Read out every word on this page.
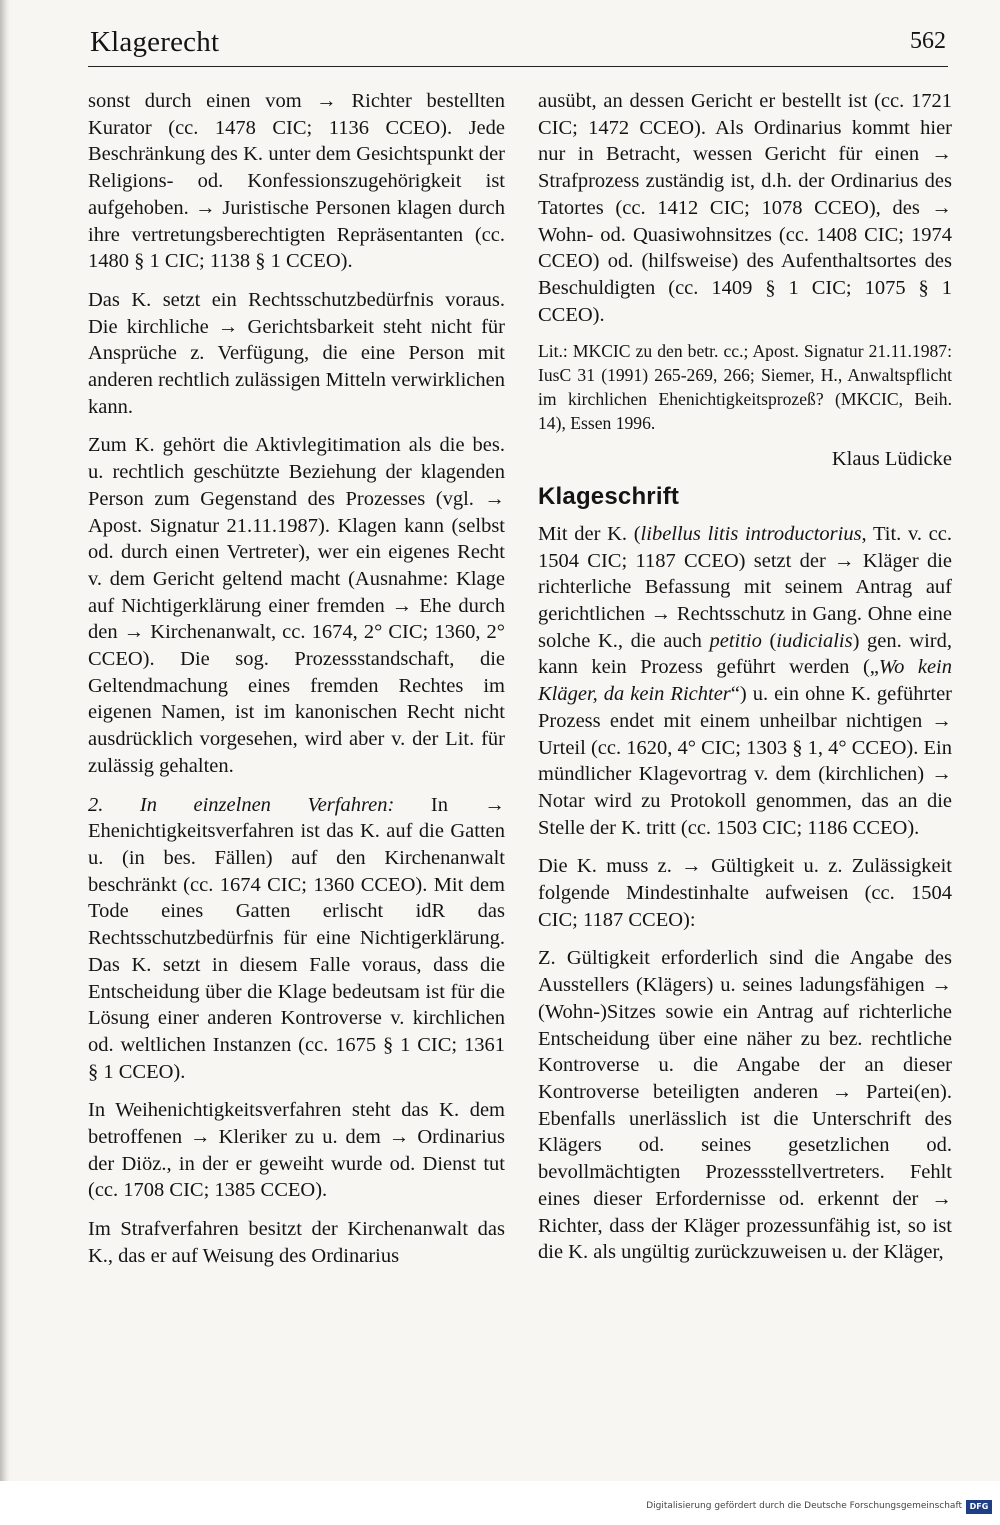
Klagerecht	562

sonst durch einen vom → Richter bestellten Kurator (cc. 1478 CIC; 1136 CCEO). Jede Beschränkung des K. unter dem Gesichtspunkt der Religions- od. Konfessionszugehörigkeit ist aufgehoben. → Juristische Personen klagen durch ihre vertretungsberechtigten Repräsentanten (cc. 1480 § 1 CIC; 1138 § 1 CCEO).

Das K. setzt ein Rechtsschutzbedürfnis voraus. Die kirchliche → Gerichtsbarkeit steht nicht für Ansprüche z. Verfügung, die eine Person mit anderen rechtlich zulässigen Mitteln verwirklichen kann.

Zum K. gehört die Aktivlegitimation als die bes. u. rechtlich geschützte Beziehung der klagenden Person zum Gegenstand des Prozesses (vgl. → Apost. Signatur 21.11.1987). Klagen kann (selbst od. durch einen Vertreter), wer ein eigenes Recht v. dem Gericht geltend macht (Ausnahme: Klage auf Nichtigerklärung einer fremden → Ehe durch den → Kirchenanwalt, cc. 1674, 2° CIC; 1360, 2° CCEO). Die sog. Prozessstandschaft, die Geltendmachung eines fremden Rechtes im eigenen Namen, ist im kanonischen Recht nicht ausdrücklich vorgesehen, wird aber v. der Lit. für zulässig gehalten.

2. In einzelnen Verfahren: In → Ehenichtigkeitsverfahren ist das K. auf die Gatten u. (in bes. Fällen) auf den Kirchenanwalt beschränkt (cc. 1674 CIC; 1360 CCEO). Mit dem Tode eines Gatten erlischt idR das Rechtsschutzbedürfnis für eine Nichtigerklärung. Das K. setzt in diesem Falle voraus, dass die Entscheidung über die Klage bedeutsam ist für die Lösung einer anderen Kontroverse v. kirchlichen od. weltlichen Instanzen (cc. 1675 § 1 CIC; 1361 § 1 CCEO).

In Weihenichtigkeitsverfahren steht das K. dem betroffenen → Kleriker zu u. dem → Ordinarius der Diöz., in der er geweiht wurde od. Dienst tut (cc. 1708 CIC; 1385 CCEO).

Im Strafverfahren besitzt der Kirchenanwalt das K., das er auf Weisung des Ordinarius

ausübt, an dessen Gericht er bestellt ist (cc. 1721 CIC; 1472 CCEO). Als Ordinarius kommt hier nur in Betracht, wessen Gericht für einen → Strafprozess zuständig ist, d.h. der Ordinarius des Tatortes (cc. 1412 CIC; 1078 CCEO), des → Wohn- od. Quasiwohnsitzes (cc. 1408 CIC; 1974 CCEO) od. (hilfsweise) des Aufenthaltsortes des Beschuldigten (cc. 1409 § 1 CIC; 1075 § 1 CCEO).

Lit.: MKCIC zu den betr. cc.; Apost. Signatur 21.11.1987: IusC 31 (1991) 265-269, 266; Siemer, H., Anwaltspflicht im kirchlichen Ehenichtigkeitsprozeß? (MKCIC, Beih. 14), Essen 1996.

Klaus Lüdicke

Klageschrift

Mit der K. (libellus litis introductorius, Tit. v. cc. 1504 CIC; 1187 CCEO) setzt der → Kläger die richterliche Befassung mit seinem Antrag auf gerichtlichen → Rechtsschutz in Gang. Ohne eine solche K., die auch petitio (iudicialis) gen. wird, kann kein Prozess geführt werden („Wo kein Kläger, da kein Richter“) u. ein ohne K. geführter Prozess endet mit einem unheilbar nichtigen → Urteil (cc. 1620, 4° CIC; 1303 § 1, 4° CCEO). Ein mündlicher Klagevortrag v. dem (kirchlichen) → Notar wird zu Protokoll genommen, das an die Stelle der K. tritt (cc. 1503 CIC; 1186 CCEO).

Die K. muss z. → Gültigkeit u. z. Zulässigkeit folgende Mindestinhalte aufweisen (cc. 1504 CIC; 1187 CCEO):

Z. Gültigkeit erforderlich sind die Angabe des Ausstellers (Klägers) u. seines ladungsfähigen → (Wohn-)Sitzes sowie ein Antrag auf richterliche Entscheidung über eine näher zu bez. rechtliche Kontroverse u. die Angabe der an dieser Kontroverse beteiligten anderen → Partei(en). Ebenfalls unerlässlich ist die Unterschrift des Klägers od. seines gesetzlichen od. bevollmächtigten Prozessstellvertreters. Fehlt eines dieser Erfordernisse od. erkennt der → Richter, dass der Kläger prozessunfähig ist, so ist die K. als ungültig zurückzuweisen u. der Kläger,

Digitalisierung gefördert durch die Deutsche Forschungsgemeinschaft DFG
